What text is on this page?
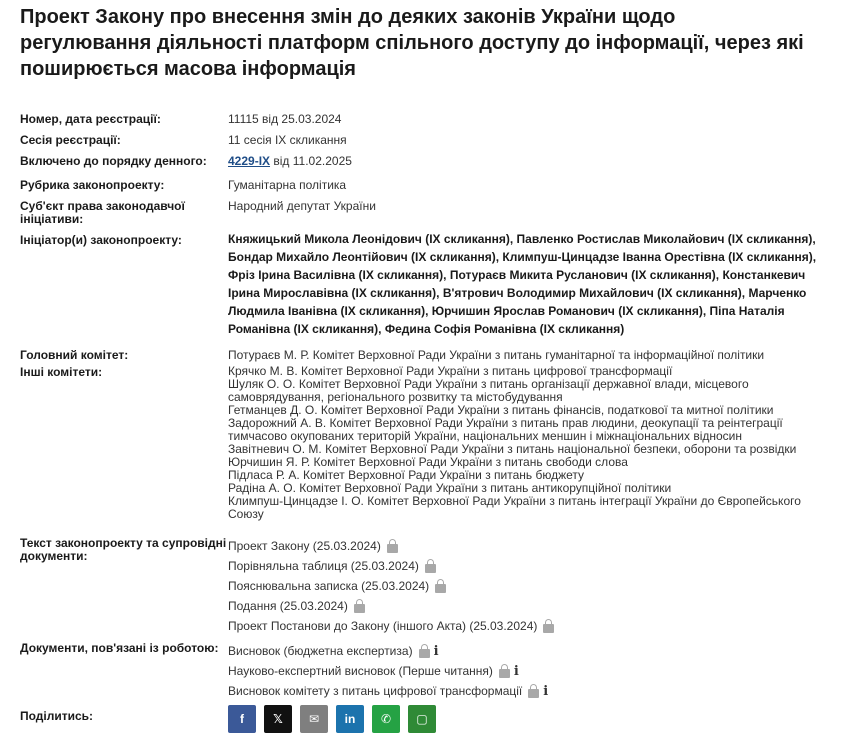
Проект Закону про внесення змін до деяких законів України щодо регулювання діяльності платформ спільного доступу до інформації, через які поширюється масова інформація
Номер, дата реєстрації:	11115 від 25.03.2024
Сесія реєстрації:	11 сесія IX скликання
Включено до порядку денного:	4229-IX від 11.02.2025
Рубрика законопроекту:	Гуманітарна політика
Суб'єкт права законодавчої ініціативи:
Народний депутат України
Ініціатор(и) законопроекту:	Княжицький Микола Леонідович (IX скликання), Павленко Ростислав Миколайович (IX скликання), Бондар Михайло Леонтійович (IX скликання), Климпуш-Цинцадзе Іванна Орестівна (IX скликання), Фріз Ірина Василівна (IX скликання), Потураєв Микита Русланович (IX скликання), Констанкевич Ірина Мирославівна (IX скликання), В'ятрович Володимир Михайлович (IX скликання), Марченко Людмила Іванівна (IX скликання), Юрчишин Ярослав Романович (IX скликання), Піпа Наталія Романівна (IX скликання), Федина Софія Романівна (IX скликання)
Головний комітет:	Потураєв М. Р. Комітет Верховної Ради України з питань гуманітарної та інформаційної політики
Інші комітети:	Крячко М. В. Комітет Верховної Ради України з питань цифрової трансформації
Шуляк О. О. Комітет Верховної Ради України з питань організації державної влади, місцевого самоврядування, регіонального розвитку та містобудування
Гетманцев Д. О. Комітет Верховної Ради України з питань фінансів, податкової та митної політики
Задорожний А. В. Комітет Верховної Ради України з питань прав людини, деокупації та реінтеграції тимчасово окупованих територій України, національних меншин і міжнаціональних відносин
Завітневич О. М. Комітет Верховної Ради України з питань національної безпеки, оборони та розвідки
Юрчишин Я. Р. Комітет Верховної Ради України з питань свободи слова
Підласа Р. А. Комітет Верховної Ради України з питань бюджету
Радіна А. О. Комітет Верховної Ради України з питань антикорупційної політики
Климпуш-Цинцадзе І. О. Комітет Верховної Ради України з питань інтеграції України до Європейського Союзу
Текст законопроекту та супровідні документи:
Проект Закону (25.03.2024)
Порівняльна таблиця (25.03.2024)
Пояснювальна записка (25.03.2024)
Подання (25.03.2024)
Проект Постанови до Закону (іншого Акта) (25.03.2024)
Документи, пов'язані із роботою: Висновок (бюджетна експертиза) i
Науково-експертний висновок (Перше читання) i
Висновок комітету з питань цифрової трансформації i
Поділитись:	f 𝕏 ✉ in ✆ ▢
